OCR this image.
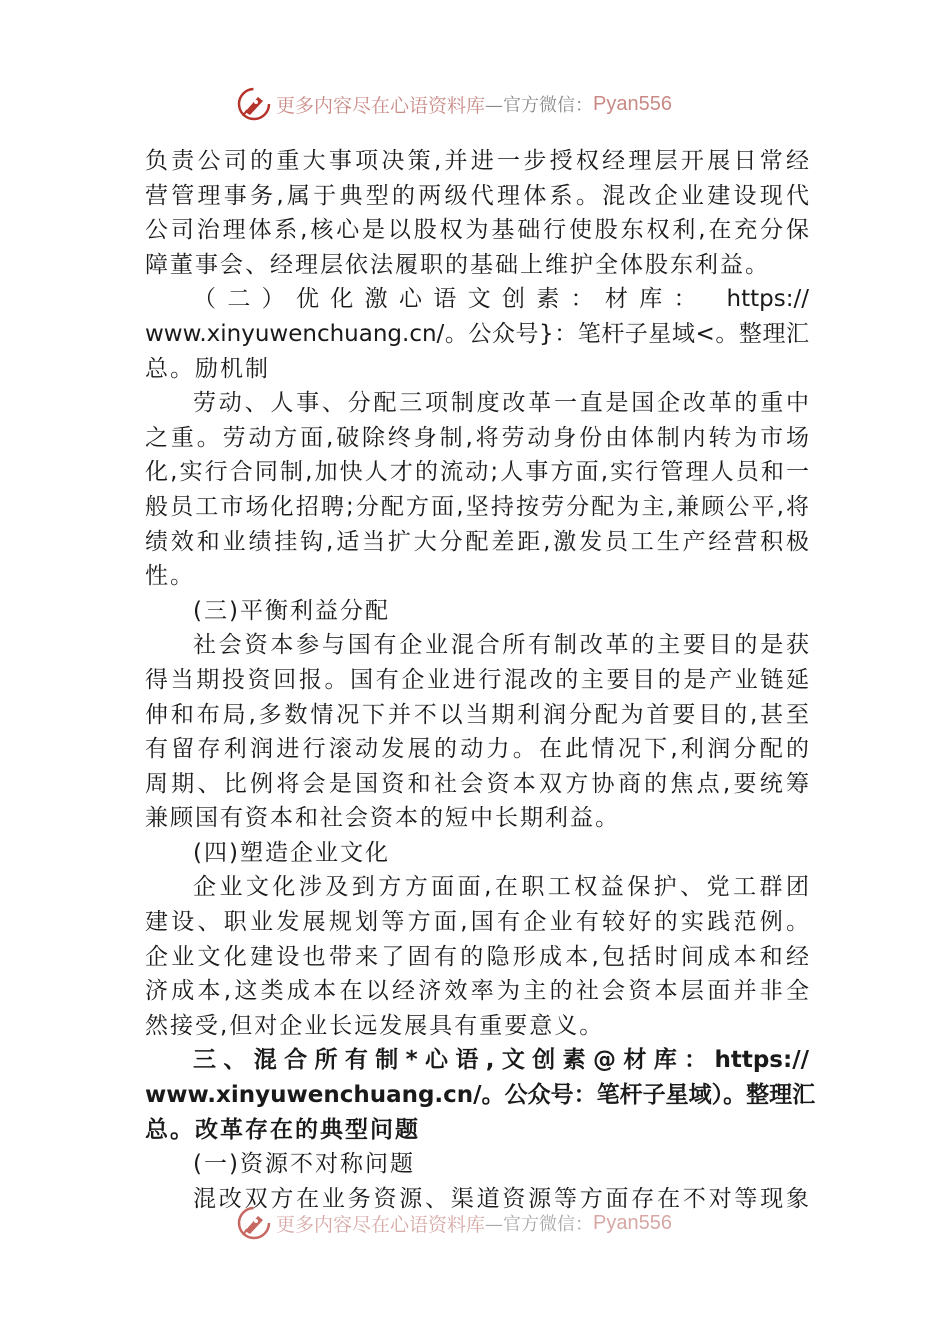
更多内容尽在心语资料库 —官方微信： Pyan556
负责公司的重大事项决策,并进一步授权经理层开展日常经
营管理事务,属于典型的两级代理体系。混改企业建设现代
公司治理体系,核心是以股权为基础行使股东权利,在充分保
障董事会、经理层依法履职的基础上维护全体股东利益。
（二）优化激心语文创素：材库： https://
www.xinyuwenchuang.cn/。公众号}：笔杆子星域<。整理汇
总。励机制
劳动、人事、分配三项制度改革一直是国企改革的重中
之重。劳动方面,破除终身制,将劳动身份由体制内转为市场
化,实行合同制,加快人才的流动;人事方面,实行管理人员和一
般员工市场化招聘;分配方面,坚持按劳分配为主,兼顾公平,将
绩效和业绩挂钩,适当扩大分配差距,激发员工生产经营积极
性。
(三)平衡利益分配
社会资本参与国有企业混合所有制改革的主要目的是获
得当期投资回报。国有企业进行混改的主要目的是产业链延
伸和布局,多数情况下并不以当期利润分配为首要目的,甚至
有留存利润进行滚动发展的动力。在此情况下,利润分配的
周期、比例将会是国资和社会资本双方协商的焦点,要统筹
兼顾国有资本和社会资本的短中长期利益。
(四)塑造企业文化
企业文化涉及到方方面面,在职工权益保护、党工群团
建设、职业发展规划等方面,国有企业有较好的实践范例。
企业文化建设也带来了固有的隐形成本,包括时间成本和经
济成本,这类成本在以经济效率为主的社会资本层面并非全
然接受,但对企业长远发展具有重要意义。
三、混合所有制*心语,文创素@材库：https://
www.xinyuwenchuang.cn/。公众号：笔杆子星域）。整理汇
总。改革存在的典型问题
(一)资源不对称问题
混改双方在业务资源、渠道资源等方面存在不对等现象
更多内容尽在心语资料库 —官方微信： Pyan556
